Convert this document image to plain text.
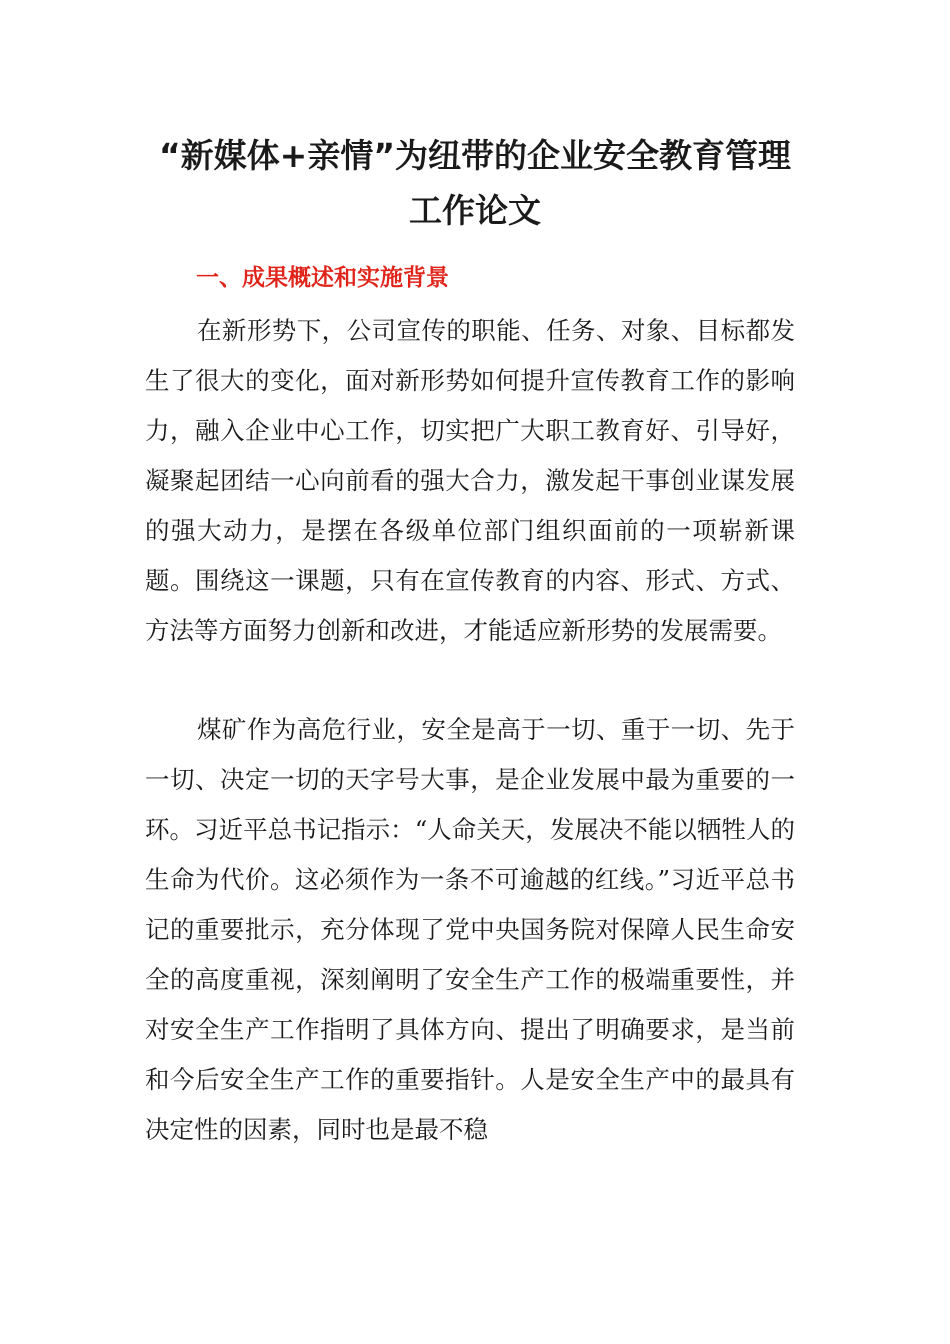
“新媒体+亲情”为纽带的企业安全教育管理工作论文
一、成果概述和实施背景

在新形势下，公司宣传的职能、任务、对象、目标都发生了很大的变化，面对新形势如何提升宣传教育工作的影响力，融入企业中心工作，切实把广大职工教育好、引导好，凝聚起团结一心向前看的强大合力，激发起干事创业谋发展的强大动力，是摆在各级单位部门组织面前的一项崭新课题。围绕这一课题，只有在宣传教育的内容、形式、方式、方法等方面努力创新和改进，才能适应新形势的发展需要。

煤矿作为高危行业，安全是高于一切、重于一切、先于一切、决定一切的天字号大事，是企业发展中最为重要的一环。习近平总书记指示：“人命关天，发展决不能以牺牲人的生命为代价。这必须作为一条不可逾越的红线。”习近平总书记的重要批示，充分体现了党中央国务院对保障人民生命安全的高度重视，深刻阐明了安全生产工作的极端重要性，并对安全生产工作指明了具体方向、提出了明确要求，是当前和今后安全生产工作的重要指针。人是安全生产中的最具有决定性的因素，同时也是最不稳
